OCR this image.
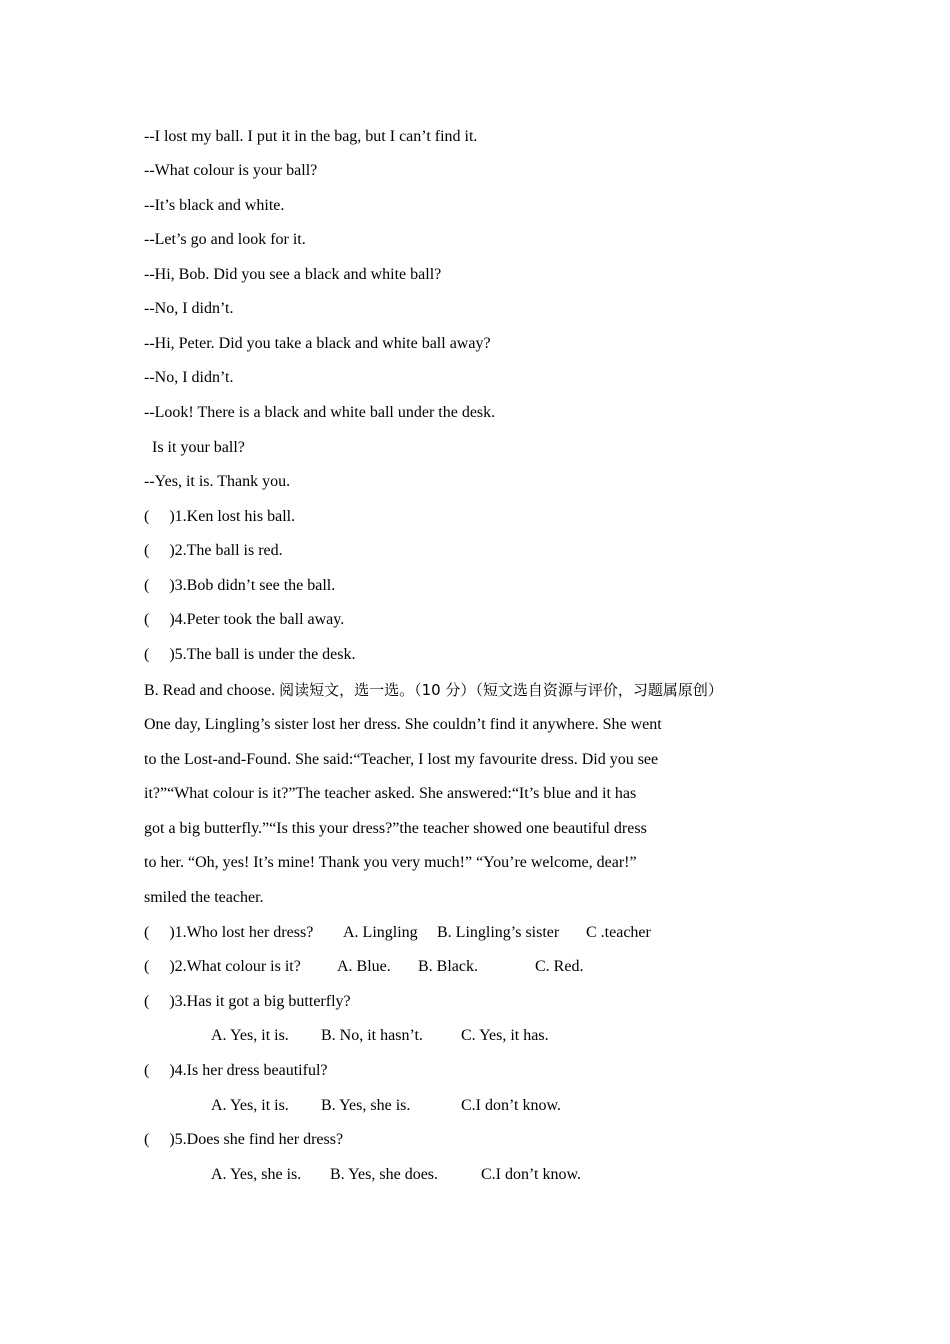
--I lost my ball. I put it in the bag, but I can’t find it.
--What colour is your ball?
--It’s black and white.
--Let’s go and look for it.
--Hi, Bob. Did you see a black and white ball?
--No, I didn’t.
--Hi, Peter. Did you take a black and white ball away?
--No, I didn’t.
--Look! There is a black and white ball under the desk.
Is it your ball?
--Yes, it is. Thank you.
(     )1.Ken lost his ball.
(     )2.The ball is red.
(     )3.Bob didn’t see the ball.
(     )4.Peter took the ball away.
(     )5.The ball is under the desk.
B. Read and choose. 阅读短文，选一选。（10 分）（短文选自资源与评价，习题属原创）
One day, Lingling’s sister lost her dress. She couldn’t find it anywhere. She went
to the Lost-and-Found. She said:“Teacher, I lost my favourite dress. Did you see
it?”“What colour is it?”The teacher asked. She answered:“It’s blue and it has
got a big butterfly.”“Is this your dress?”the teacher showed one beautiful dress
to her. “Oh, yes! It’s mine! Thank you very much!” “You’re welcome, dear!”
smiled the teacher.
(     )1.Who lost her dress? A. Lingling B. Lingling’s sister C .teacher
(     )2.What colour is it? A. Blue. B. Black.	C. Red.
(     )3.Has it got a big butterfly?
A. Yes, it is. B. No, it hasn’t. C. Yes, it has.
(     )4.Is her dress beautiful?
A. Yes, it is. B. Yes, she is.	C.I don’t know.
(     )5.Does she find her dress?
A. Yes, she is. B. Yes, she does.	C.I don’t know.
